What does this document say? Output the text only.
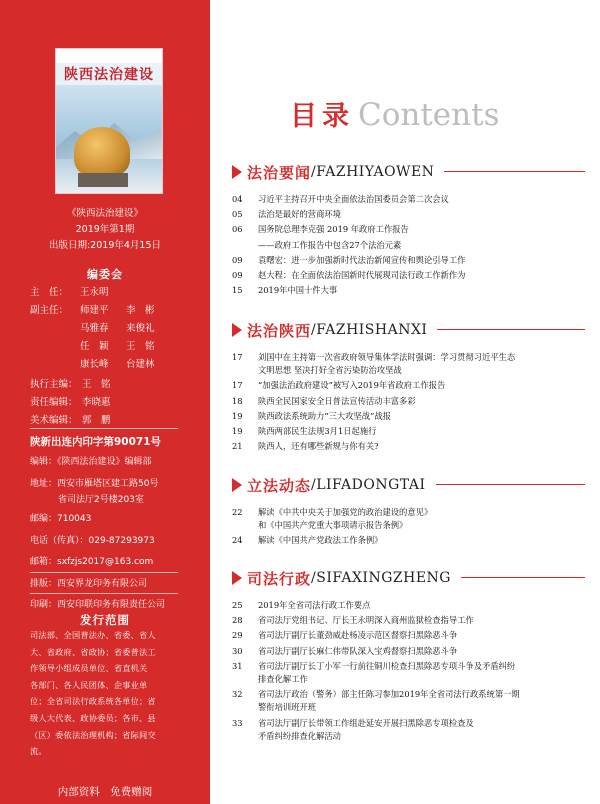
陕西法治建设
《陕西法治建设》
2019年第1期
出版日期:2019年4月15日
编委会
主　任： 王永明
副主任： 师建平 李　彬
马雅春 来俊礼
任　颖 王　铭
康长峰 台建林
执行主编： 王　铭
责任编辑： 李晓惠
美术编辑： 郭　鹏
陕新出连内印字第90071号
编辑：《陕西法治建设》编辑部
地址：西安市雁塔区建工路50号
省司法厅2号楼203室
邮编：710043
电话（传真）：029-87293973
邮箱：sxfzjs2017@163.com
排版：西安界龙印务有限公司
印刷：西安印联印务有限责任公司
发行范围
司法部、全国普法办、省委、省人
大、省政府、省政协；省委普法工
作领导小组成员单位、省直机关
各部门、各人民团体、企事业单
位；全省司法行政系统各单位；省
级人大代表、政协委员；各市、县
（区）委依法治理机构；省际间交
流。
内部资料　免费赠阅
目录 Contents
法治要闻 /FAZHIYAOWEN
04	习近平主持召开中央全面依法治国委员会第二次会议
05	法治是最好的营商环境
06	国务院总理李克强 2019 年政府工作报告
——政府工作报告中包含27个法治元素
09	袁曙宏：进一步加强新时代法治新闻宣传和舆论引导工作
09	赵大程：在全面依法治国新时代展现司法行政工作新作为
15	2019年中国十件大事
法治陕西 /FAZHISHANXI
17	刘国中在主持第一次省政府领导集体学法时强调：学习贯彻习近平生态
文明思想 坚决打好全省污染防治攻坚战
17	“加强法治政府建设”被写入2019年省政府工作报告
18	陕西全民国家安全日普法宣传活动丰富多彩
19	陕西政法系统助力“三大攻坚战”战报
19	陕西两部民生法规3月1日起施行
21	陕西人，还有哪些新规与你有关?
立法动态 /LIFADONGTAI
22	解读《中共中央关于加强党的政治建设的意见》
和《中国共产党重大事项请示报告条例》
24	解读《中国共产党政法工作条例》
司法行政 /SIFAXINGZHENG
25	2019年全省司法行政工作要点
28	省司法厅党组书记、厅长王永明深入商州监狱检查指导工作
29	省司法厅副厅长董劲威赴杨凌示范区督察扫黑除恶斗争
30	省司法厅副厅长麻仁伟带队深入宝鸡督察扫黑除恶斗争
31	省司法厅副厅长丁小军一行前往铜川检查扫黑除恶专项斗争及矛盾纠纷
排查化解工作
32	省司法厅政治（警务）部主任陈习参加2019年全省司法行政系统第一期
警衔培训班开班
33	省司法厅副厅长带领工作组赴延安开展扫黑除恶专项检查及
矛盾纠纷排查化解活动
